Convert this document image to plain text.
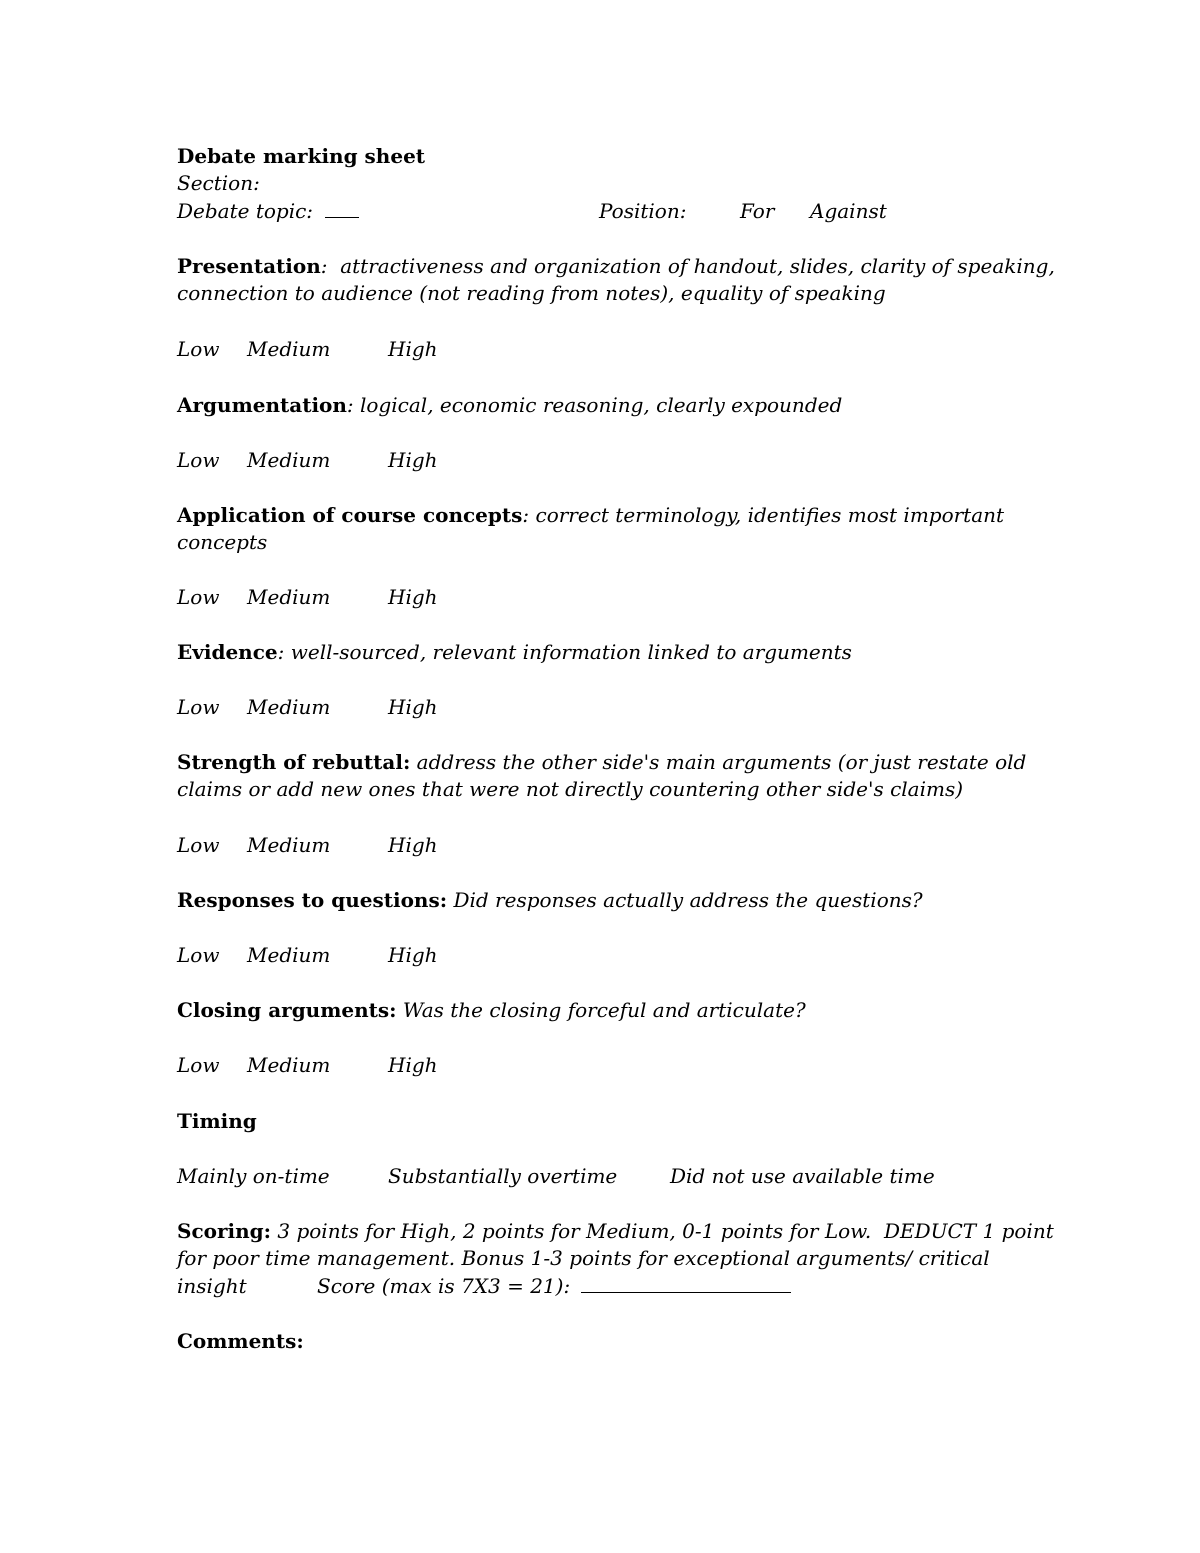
Debate marking sheet
Section:
Debate topic:	Position:	For Against
Timing
Mainly on-time	Substantially overtime	Did not use available time
Scoring: 3 points for High, 2 points for Medium, 0-1 points for Low.  DEDUCT 1 point
for poor time management. Bonus 1-3 points for exceptional arguments/ critical
insight	Score (max is 7X3 = 21):
Comments:
Presentation:  attractiveness and organization of handout, slides, clarity of speaking,
connection to audience (not reading from notes), equality of speaking
Low Medium	High
Argumentation: logical, economic reasoning, clearly expounded
Low Medium	High
Application of course concepts: correct terminology, identifies most important
concepts
Low Medium	High
Evidence: well-sourced, relevant information linked to arguments
Low Medium	High
Strength of rebuttal: address the other side's main arguments (or just restate old
claims or add new ones that were not directly countering other side's claims)
Low Medium	High
Responses to questions: Did responses actually address the questions?
Low Medium	High
Closing arguments: Was the closing forceful and articulate?
Low Medium	High
